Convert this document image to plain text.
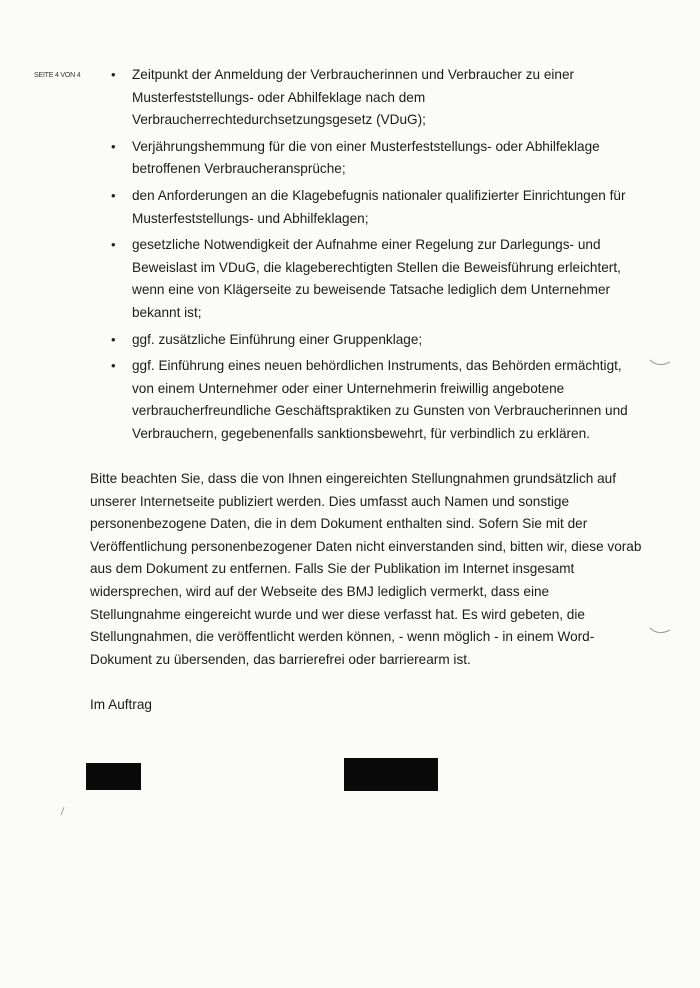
SEITE 4 VON 4 • Zeitpunkt der Anmeldung der Verbraucherinnen und Verbraucher zu einer Musterfeststellungs- oder Abhilfeklage nach dem Verbraucherrechtedurchsetzungsgesetz (VDuG);
• Verjährungshemmung für die von einer Musterfeststellungs- oder Abhilfeklage betroffenen Verbraucheransprüche;
• den Anforderungen an die Klagebefugnis nationaler qualifizierter Einrichtungen für Musterfeststellungs- und Abhilfeklagen;
• gesetzliche Notwendigkeit der Aufnahme einer Regelung zur Darlegungs- und Beweislast im VDuG, die klageberechtigten Stellen die Beweisführung erleichtert, wenn eine von Klägerseite zu beweisende Tatsache lediglich dem Unternehmer bekannt ist;
• ggf. zusätzliche Einführung einer Gruppenklage;
• ggf. Einführung eines neuen behördlichen Instruments, das Behörden ermächtigt, von einem Unternehmer oder einer Unternehmerin freiwillig angebotene verbraucherfreundliche Geschäftspraktiken zu Gunsten von Verbraucherinnen und Verbrauchern, gegebenenfalls sanktionsbewehrt, für verbindlich zu erklären.

Bitte beachten Sie, dass die von Ihnen eingereichten Stellungnahmen grundsätzlich auf unserer Internetseite publiziert werden. Dies umfasst auch Namen und sonstige personenbezogene Daten, die in dem Dokument enthalten sind. Sofern Sie mit der Veröffentlichung personenbezogener Daten nicht einverstanden sind, bitten wir, diese vorab aus dem Dokument zu entfernen. Falls Sie der Publikation im Internet insgesamt widersprechen, wird auf der Webseite des BMJ lediglich vermerkt, dass eine Stellungnahme eingereicht wurde und wer diese verfasst hat. Es wird gebeten, die Stellungnahmen, die veröffentlicht werden können, - wenn möglich - in einem Word-Dokument zu übersenden, das barrierefrei oder barrierearm ist.

Im Auftrag
